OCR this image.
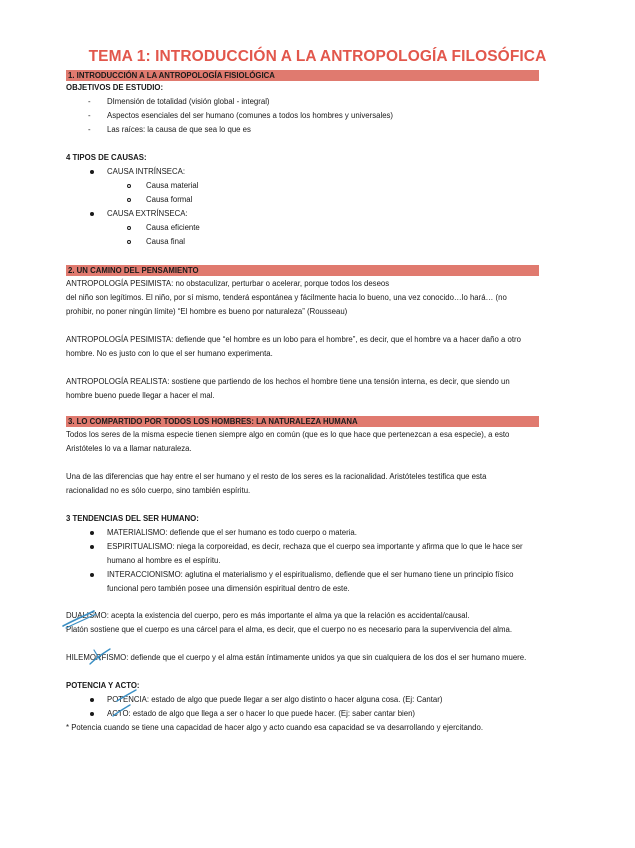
TEMA 1: INTRODUCCIÓN A LA ANTROPOLOGÍA FILOSÓFICA
1. INTRODUCCIÓN A LA ANTROPOLOGÍA FISIOLÓGICA
OBJETIVOS DE ESTUDIO:
- DImensión de totalidad (visión global - integral)
- Aspectos esenciales del ser humano (comunes a todos los hombres y universales)
- Las raíces: la causa de que sea lo que es
4 TIPOS DE CAUSAS:
CAUSA INTRÍNSECA:
Causa material
Causa formal
CAUSA EXTRÍNSECA:
Causa eficiente
Causa final
2. UN CAMINO DEL PENSAMIENTO
ANTROPOLOGÍA PESIMISTA: no obstaculizar, perturbar o acelerar, porque todos los deseos
del niño son legítimos. El niño, por sí mismo, tenderá espontánea y fácilmente hacia lo bueno, una vez conocido…lo hará… (no
prohibir, no poner ningún límite) “El hombre es bueno por naturaleza” (Rousseau)
ANTROPOLOGÍA PESIMISTA: defiende que “el hombre es un lobo para el hombre”, es decir, que el hombre va a hacer daño a otro
hombre. No es justo con lo que el ser humano experimenta.
ANTROPOLOGÍA REALISTA: sostiene que partiendo de los hechos el hombre tiene una tensión interna, es decir, que siendo un
hombre bueno puede llegar a hacer el mal.
3. LO COMPARTIDO POR TODOS LOS HOMBRES: LA NATURALEZA HUMANA
Todos los seres de la misma especie tienen siempre algo en común (que es lo que hace que pertenezcan a esa especie), a esto
Aristóteles lo va a llamar naturaleza.
Una de las diferencias que hay entre el ser humano y el resto de los seres es la racionalidad. Aristóteles testifica que esta
racionalidad no es sólo cuerpo, sino también espíritu.
3 TENDENCIAS DEL SER HUMANO:
MATERIALISMO: defiende que el ser humano es todo cuerpo o materia.
ESPIRITUALISMO: niega la corporeidad, es decir, rechaza que el cuerpo sea importante y afirma que lo que le hace ser
humano al hombre es el espíritu.
INTERACCIONISMO: aglutina el materialismo y el espiritualismo, defiende que el ser humano tiene un principio físico
funcional pero también posee una dimensión espiritual dentro de este.
DUALISMO: acepta la existencia del cuerpo, pero es más importante el alma ya que la relación es accidental/causal.
Platón sostiene que el cuerpo es una cárcel para el alma, es decir, que el cuerpo no es necesario para la supervivencia del alma.
HILEMORFISMO: defiende que el cuerpo y el alma están íntimamente unidos ya que sin cualquiera de los dos el ser humano muere.
POTENCIA Y ACTO:
POTENCIA: estado de algo que puede llegar a ser algo distinto o hacer alguna cosa. (Ej: Cantar)
ACTO: estado de algo que llega a ser o hacer lo que puede hacer. (Ej: saber cantar bien)
* Potencia cuando se tiene una capacidad de hacer algo y acto cuando esa capacidad se va desarrollando y ejercitando.
